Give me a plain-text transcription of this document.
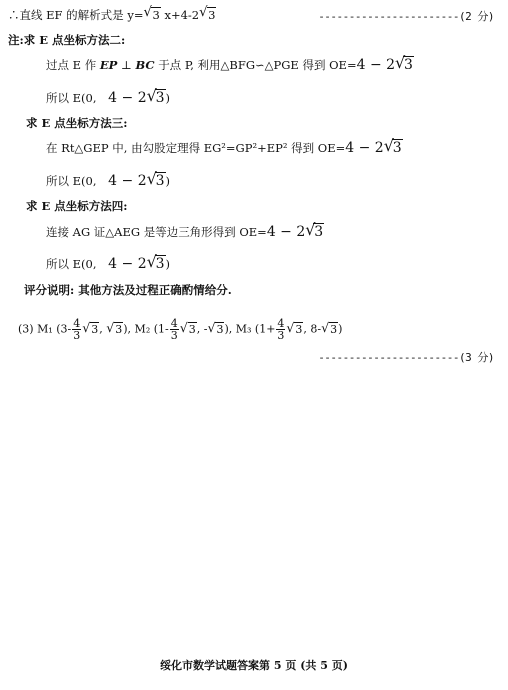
∴直线 EF 的解析式是 y= √ 3 x+4-2 √ 3	-----------------------(2 分)
注:求 E 点坐标方法二:
过点 E 作 EP ⊥ BC 于点 P, 利用△BFG∽△PGE 得到 OE=4 − 2 √ 3
所以 E(0, 4 − 2 √ 3)
求 E 点坐标方法三:
在 Rt△GEP 中, 由勾股定理得 EG²=GP²+EP² 得到 OE=4 − 2 √ 3
所以 E(0, 4 − 2 √ 3)
求 E 点坐标方法四:
连接 AG 证△AEG 是等边三角形得到 OE=4 − 2 √ 3
所以 E(0, 4 − 2 √ 3)
评分说明: 其他方法及过程正确酌情给分.
(3) M₁ ($3- \frac{4}{3}$ √ 3, √ 3), M₂ ($1- \frac{4}{3}$ √ 3, - √ 3), M₃ ($1+ \frac{4}{3}$ √ 3, 8- √ 3)
-----------------------(3 分)
绥化市数学试题答案第 5 页 (共 5 页)
